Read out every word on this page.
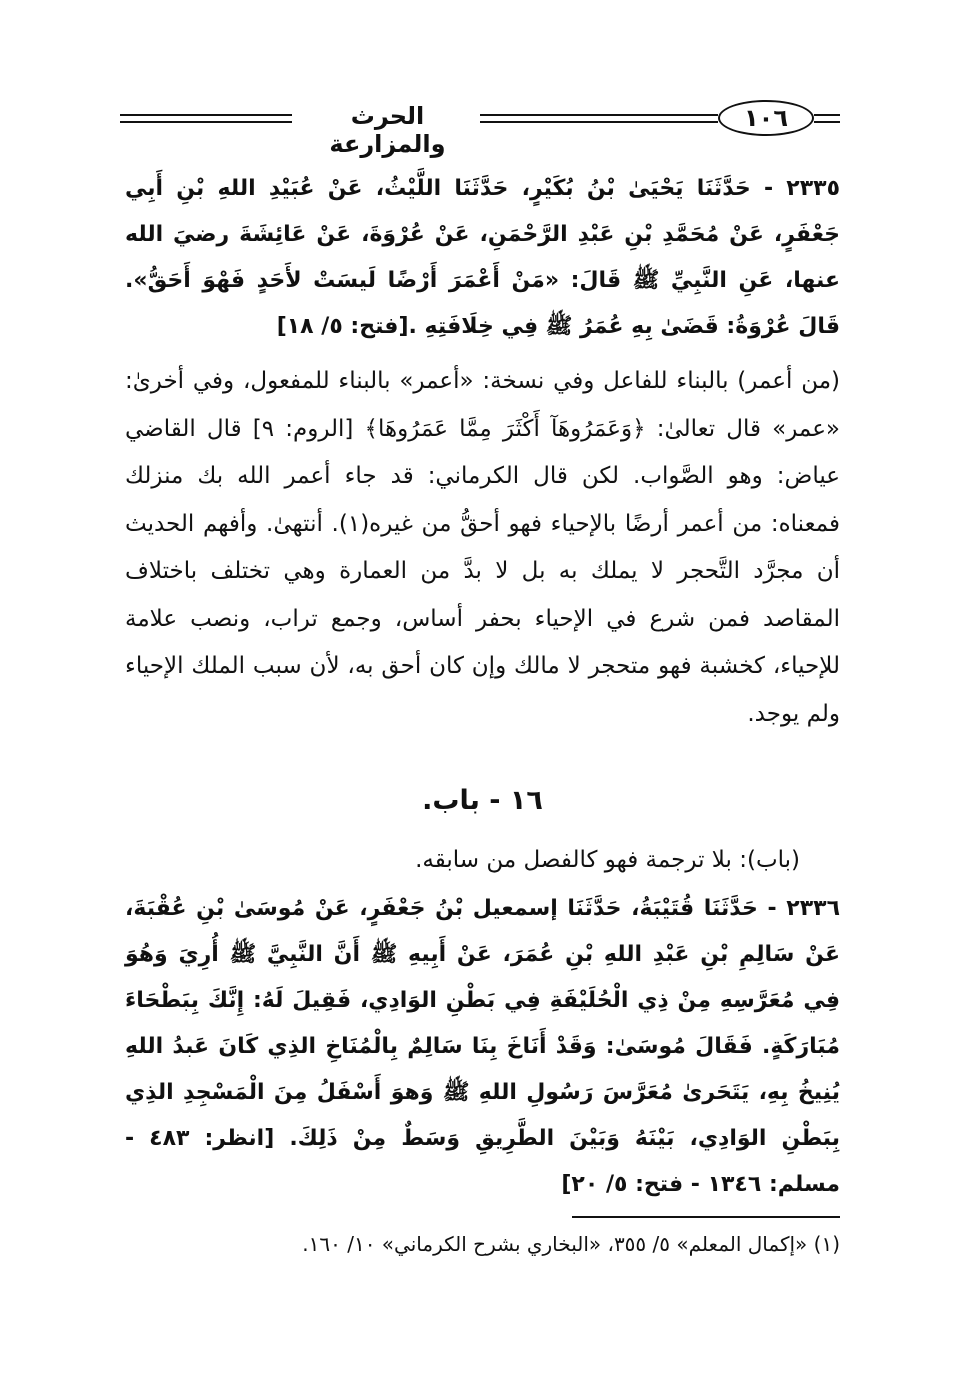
الحرث والمزارعة
١٠٦

٢٣٣٥ - حَدَّثَنَا يَحْيَىٰ بْنُ بُكَيْرٍ، حَدَّثَنَا اللَّيْثُ، عَنْ عُبَيْدِ اللهِ بْنِ أَبِي جَعْفَرٍ، عَنْ مُحَمَّدِ بْنِ عَبْدِ الرَّحْمَنِ، عَنْ عُرْوَةَ، عَنْ عَائِشَةَ رضيَ الله عنها، عَنِ النَّبِيِّ ﷺ قَالَ: «مَنْ أَعْمَرَ أَرْضًا لَيسَتْ لأَحَدٍ فَهْوَ أَحَقُّ». قَالَ عُرْوَةُ: قَضَىٰ بِهِ عُمَرُ ﷺ فِي خِلَافَتِهِ .[فتح: ٥/ ١٨]

(من أعمر) بالبناء للفاعل وفي نسخة: «أعمر» بالبناء للمفعول، وفي أخرىٰ: «عمر» قال تعالىٰ: ﴿وَعَمَرُوهَآ أَكْثَرَ مِمَّا عَمَرُوهَا﴾ [الروم: ٩] قال القاضي عياض: وهو الصَّواب. لكن قال الكرماني: قد جاء أعمر الله بك منزلك فمعناه: من أعمر أرضًا بالإحياء فهو أحقُّ من غيره(١). أنتهىٰ. وأفهم الحديث أن مجرَّد التَّحجر لا يملك به بل لا بدَّ من العمارة وهي تختلف باختلاف المقاصد فمن شرع في الإحياء بحفر أساس، وجمع تراب، ونصب علامة للإحياء، كخشبة فهو متحجر لا مالك وإن كان أحق به، لأن سبب الملك الإحياء ولم يوجد.

١٦ - باب.

(باب): بلا ترجمة فهو كالفصل من سابقه.

٢٣٣٦ - حَدَّثَنَا قُتَيْبَةُ، حَدَّثَنَا إسمعيل بْنُ جَعْفَرٍ، عَنْ مُوسَىٰ بْنِ عُقْبَةَ، عَنْ سَالِمِ بْنِ عَبْدِ اللهِ بْنِ عُمَرَ، عَنْ أَبِيهِ ﷺ أَنَّ النَّبِيَّ ﷺ أُرِيَ وَهُوَ فِي مُعَرَّسِهِ مِنْ ذِي الْحُلَيْفَةِ فِي بَطْنِ الوَادِي، فَقِيلَ لَهُ: إِنَّكَ بِبَطْحَاءَ مُبَارَكَةٍ. فَقَالَ مُوسَىٰ: وَقَدْ أَنَاخَ بِنَا سَالِمٌ بِالْمُنَاخِ الذِي كَانَ عَبدُ اللهِ يُنِيخُ بِهِ، يَتَحَرىٰ مُعَرَّسَ رَسُولِ اللهِ ﷺ وَهوَ أَسْفَلُ مِنَ الْمَسْجِدِ الذِي بِبَطْنِ الوَادِي، بَيْنَهُ وَبَيْنَ الطَّرِيقِ وَسَطٌ مِنْ ذَلِكَ. [انظر: ٤٨٣ - مسلم: ١٣٤٦ - فتح: ٥/ ٢٠]

(١) «إكمال المعلم» ٥/ ٣٥٥، «البخاري بشرح الكرماني» ١٠/ ١٦٠.
